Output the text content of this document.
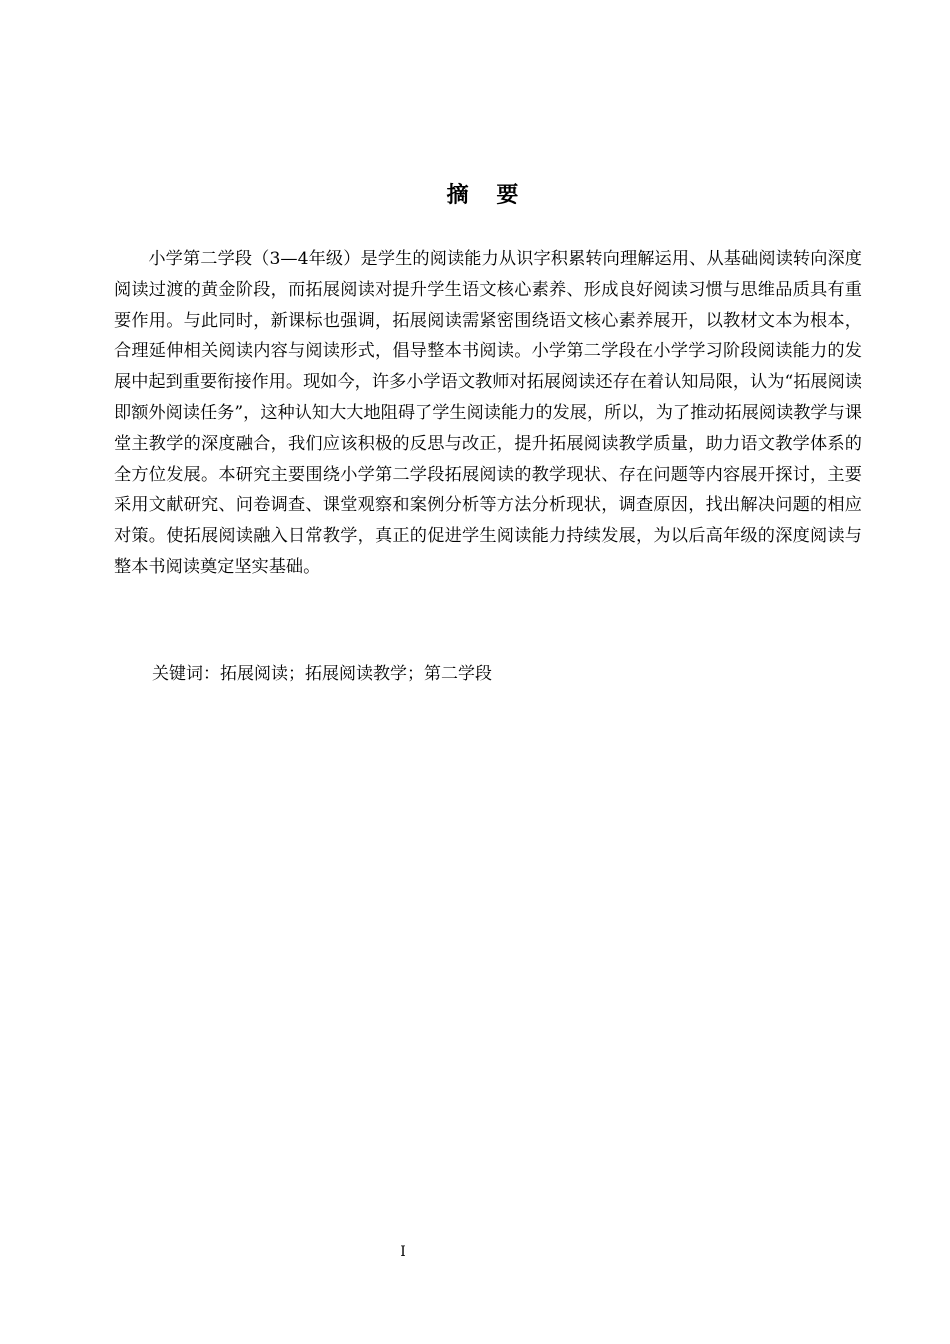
摘 要

小学第二学段（3—4年级）是学生的阅读能力从识字积累转向理解运用、从基础阅读转向深度阅读过渡的黄金阶段，而拓展阅读对提升学生语文核心素养、形成良好阅读习惯与思维品质具有重要作用。与此同时，新课标也强调，拓展阅读需紧密围绕语文核心素养展开，以教材文本为根本，合理延伸相关阅读内容与阅读形式，倡导整本书阅读。小学第二学段在小学学习阶段阅读能力的发展中起到重要衔接作用。现如今，许多小学语文教师对拓展阅读还存在着认知局限，认为“拓展阅读即额外阅读任务”，这种认知大大地阻碍了学生阅读能力的发展，所以，为了推动拓展阅读教学与课堂主教学的深度融合，我们应该积极的反思与改正，提升拓展阅读教学质量，助力语文教学体系的全方位发展。本研究主要围绕小学第二学段拓展阅读的教学现状、存在问题等内容展开探讨，主要采用文献研究、问卷调查、课堂观察和案例分析等方法分析现状，调查原因，找出解决问题的相应对策。使拓展阅读融入日常教学，真正的促进学生阅读能力持续发展，为以后高年级的深度阅读与整本书阅读奠定坚实基础。

关键词：拓展阅读；拓展阅读教学；第二学段
I
